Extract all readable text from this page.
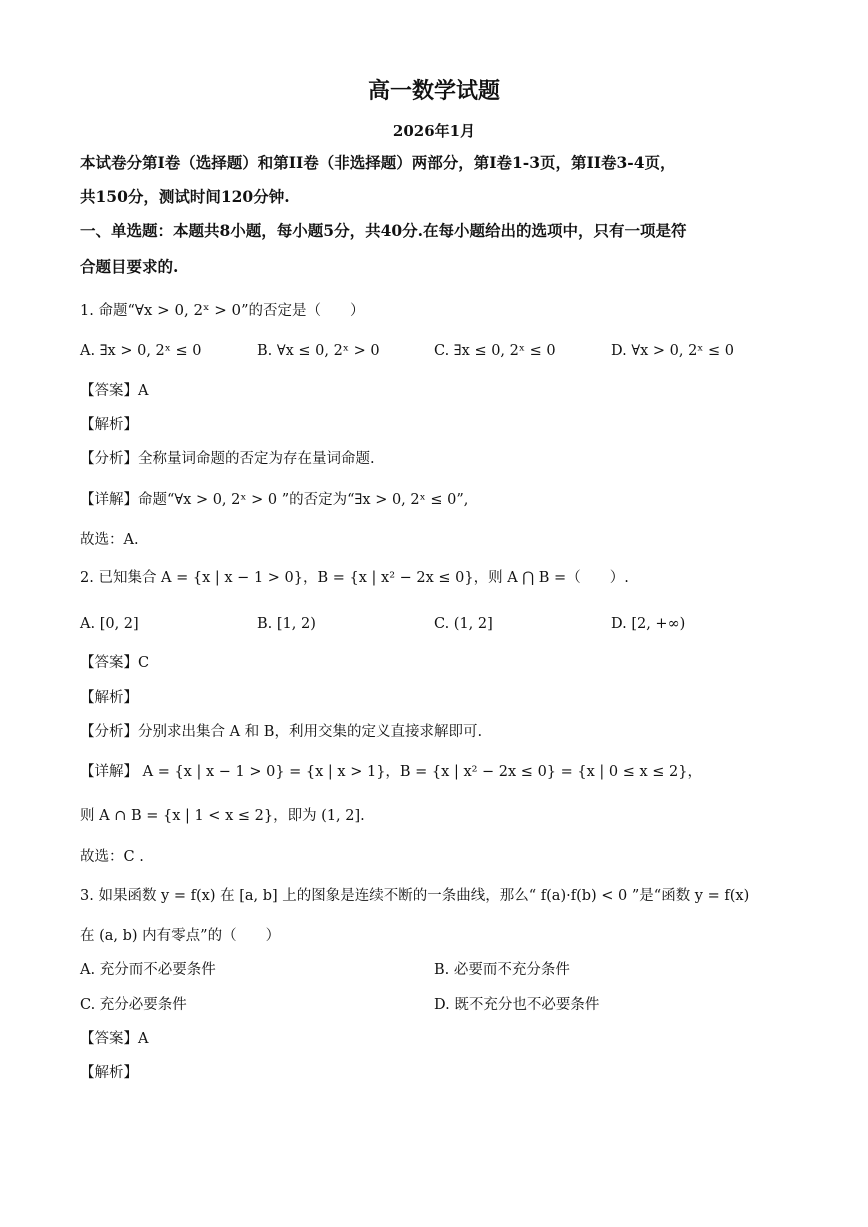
高一数学试题
2026年1月
本试卷分第I卷（选择题）和第II卷（非选择题）两部分，第I卷1-3页，第II卷3-4页，
共150分，测试时间120分钟.
一、单选题：本题共8小题，每小题5分，共40分.在每小题给出的选项中，只有一项是符
合题目要求的.
1. 命题“∀x > 0, 2ˣ > 0”的否定是（　　）
A. ∃x > 0, 2ˣ ≤ 0	B. ∀x ≤ 0, 2ˣ > 0	C. ∃x ≤ 0, 2ˣ ≤ 0	D. ∀x > 0, 2ˣ ≤ 0
【答案】A
【解析】
【分析】全称量词命题的否定为存在量词命题.
【详解】命题“∀x > 0, 2ˣ > 0 ”的否定为“∃x > 0, 2ˣ ≤ 0”,
故选：A.
2. 已知集合 A = {x | x − 1 > 0}，B = {x | x² − 2x ≤ 0}，则 A ⋂ B =（　　）.
A. [0, 2]	B. [1, 2)	C. (1, 2]	D. [2, +∞)
【答案】C
【解析】
【分析】分别求出集合 A 和 B，利用交集的定义直接求解即可.
【详解】 A = {x | x − 1 > 0} = {x | x > 1}，B = {x | x² − 2x ≤ 0} = {x | 0 ≤ x ≤ 2}，
则 A ∩ B = {x | 1 < x ≤ 2}，即为 (1, 2].
故选：C .
3. 如果函数 y = f(x) 在 [a, b] 上的图象是连续不断的一条曲线，那么“ f(a)·f(b) < 0 ”是“函数 y = f(x)
在 (a, b) 内有零点”的（　　）
A. 充分而不必要条件	B. 必要而不充分条件
C. 充分必要条件	D. 既不充分也不必要条件
【答案】A
【解析】
